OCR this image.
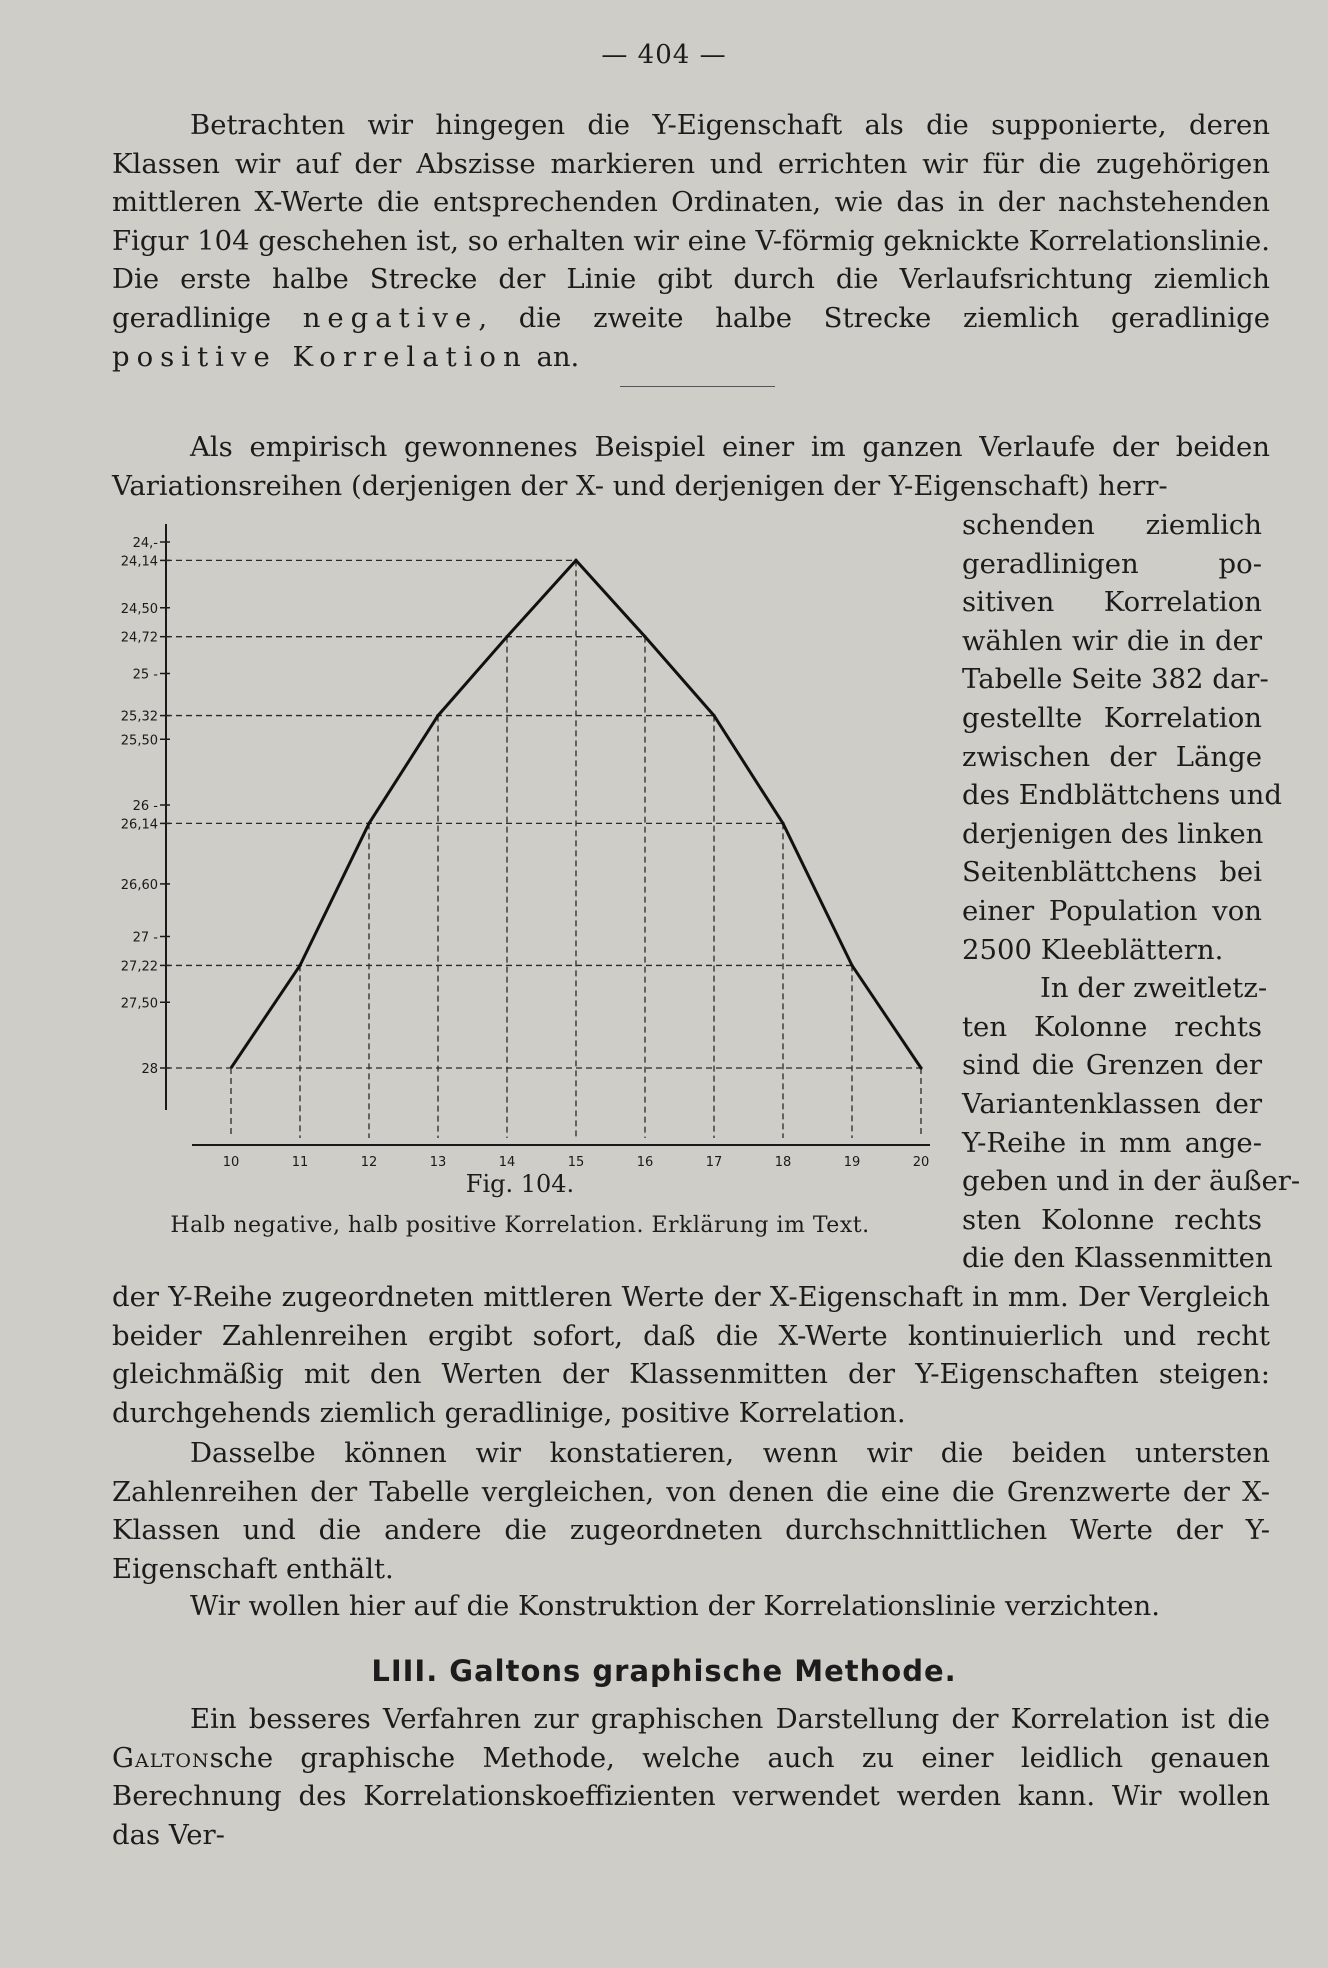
— 404 —

Betrachten wir hingegen die Y-Eigenschaft als die supponierte, deren Klassen wir auf der Abszisse markieren und errichten wir für die zugehörigen mittleren X-Werte die entsprechenden Ordinaten, wie das in der nachstehenden Figur 104 geschehen ist, so erhalten wir eine V-förmig geknickte Korrelationslinie. Die erste halbe Strecke der Linie gibt durch die Verlaufsrichtung ziemlich geradlinige negative, die zweite halbe Strecke ziemlich geradlinige positive Korrelation an.

Als empirisch gewonnenes Beispiel einer im ganzen Verlaufe der beiden Variationsreihen (derjenigen der X- und derjenigen der Y-Eigenschaft) herr-

24,-
24,14
24,50
24,72
25 -
25,32
25,50
26 -
26,14
26,60
27 -
27,22
27,50
28
10	11	12	13	14	15	16	17	18	19	20
Fig. 104.
Halb negative, halb positive Korrelation. Erklärung im Text.
schenden ziemlich
geradlinigen po-
sitiven Korrelation
wählen wir die in der
Tabelle Seite 382 dar-
gestellte Korrelation
zwischen der Länge
des Endblättchens und
derjenigen des linken
Seitenblättchens bei
einer Population von
2500 Kleeblättern.
In der zweitletz-
ten Kolonne rechts
sind die Grenzen der
Variantenklassen der
Y-Reihe in mm ange-
geben und in der äußer-
sten Kolonne rechts
die den Klassenmitten

der Y-Reihe zugeordneten mittleren Werte der X-Eigenschaft in mm. Der Vergleich beider Zahlenreihen ergibt sofort, daß die X-Werte kontinuierlich und recht gleichmäßig mit den Werten der Klassenmitten der Y-Eigenschaften steigen: durchgehends ziemlich geradlinige, positive Korrelation.

Dasselbe können wir konstatieren, wenn wir die beiden untersten Zahlenreihen der Tabelle vergleichen, von denen die eine die Grenzwerte der X-Klassen und die andere die zugeordneten durchschnittlichen Werte der Y-Eigenschaft enthält.

Wir wollen hier auf die Konstruktion der Korrelationslinie verzichten.

LIII. Galtons graphische Methode.

Ein besseres Verfahren zur graphischen Darstellung der Korrelation ist die Galtonsche graphische Methode, welche auch zu einer leidlich genauen Berechnung des Korrelationskoeffizienten verwendet werden kann. Wir wollen das Ver-
